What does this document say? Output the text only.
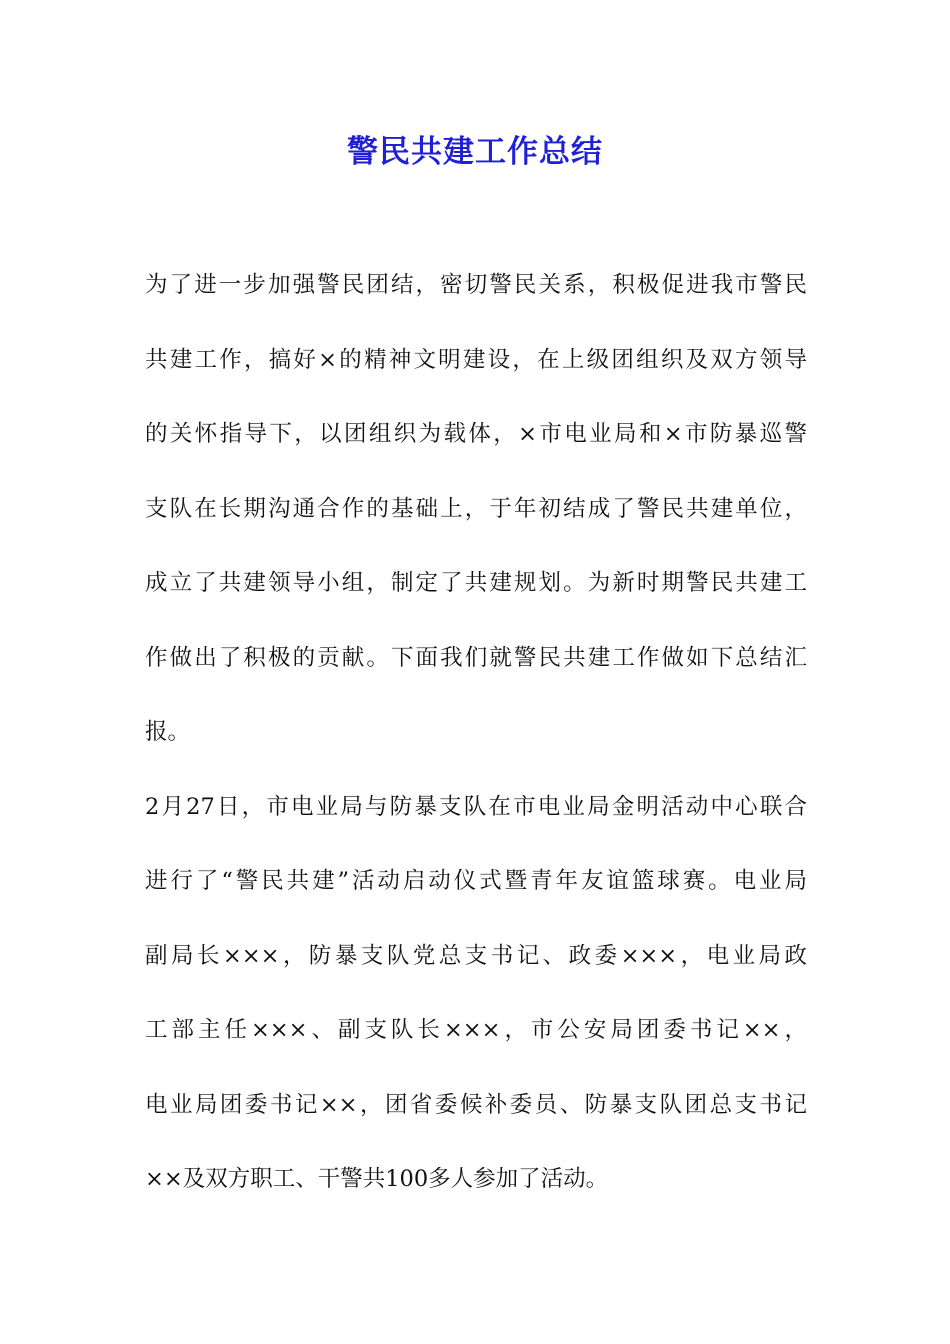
警民共建工作总结
为了进一步加强警民团结，密切警民关系，积极促进我市警民
共建工作，搞好×的精神文明建设，在上级团组织及双方领导
的关怀指导下，以团组织为载体，×市电业局和×市防暴巡警
支队在长期沟通合作的基础上，于年初结成了警民共建单位，
成立了共建领导小组，制定了共建规划。为新时期警民共建工
作做出了积极的贡献。下面我们就警民共建工作做如下总结汇
报。
2月27日，市电业局与防暴支队在市电业局金明活动中心联合
进行了“警民共建”活动启动仪式暨青年友谊篮球赛。电业局
副局长×××，防暴支队党总支书记、政委×××，电业局政
工部主任×××、副支队长×××，市公安局团委书记××，
电业局团委书记××，团省委候补委员、防暴支队团总支书记
××及双方职工、干警共100多人参加了活动。
